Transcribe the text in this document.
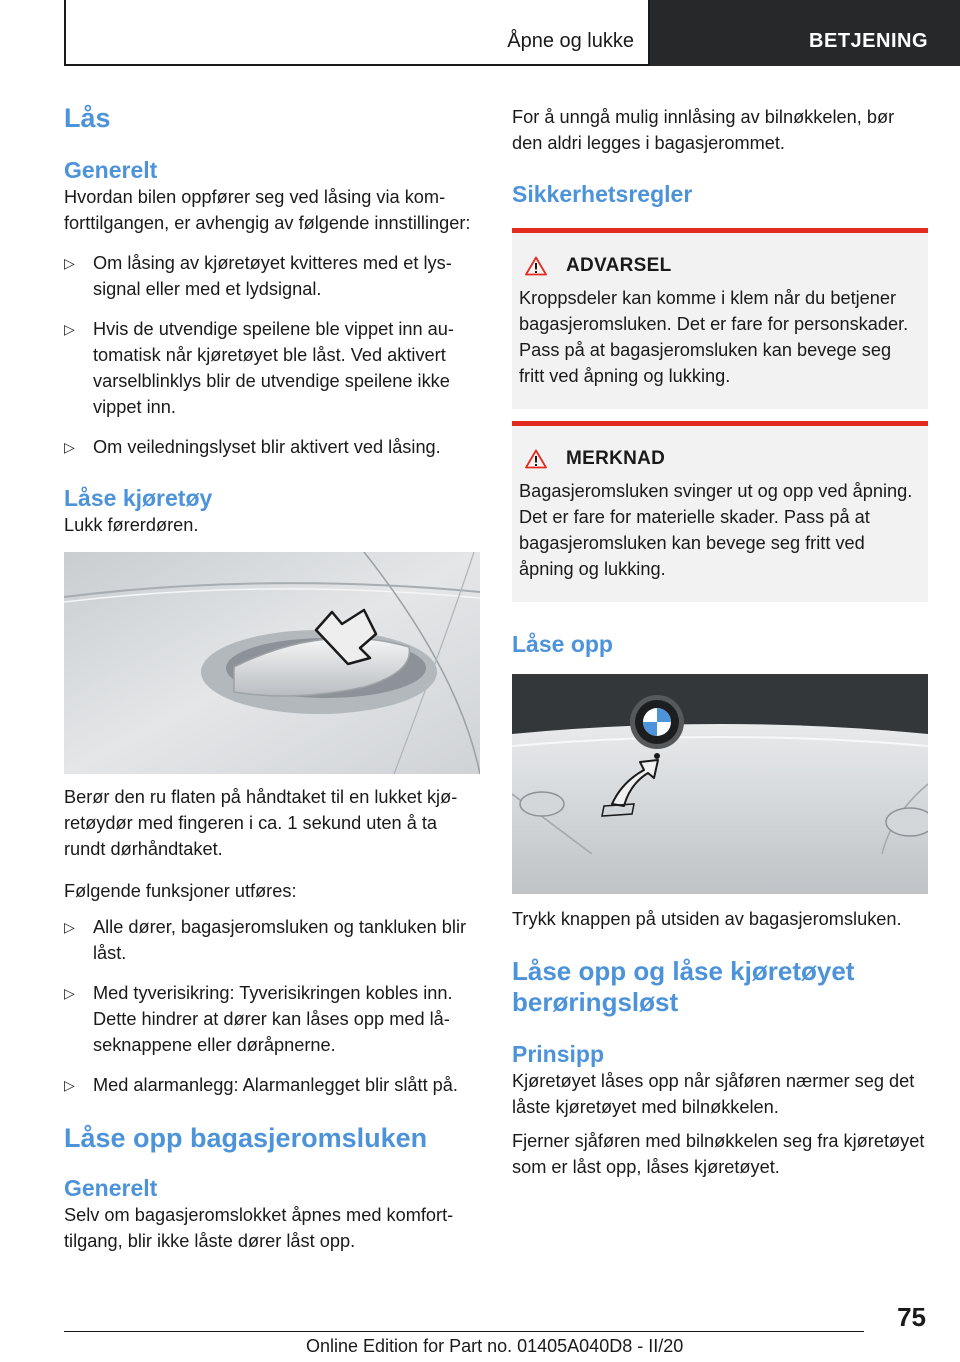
Åpne og lukke	BETJENING
Lås
Generelt

Hvordan bilen oppfører seg ved låsing via komforttilgangen, er avhengig av følgende innstillinger:

▷ Om låsing av kjøretøyet kvitteres med et lyssignal eller med et lydsignal.
▷ Hvis de utvendige speilene ble vippet inn automatisk når kjøretøyet ble låst. Ved aktivert varselblinklys blir de utvendige speilene ikke vippet inn.
▷ Om veiledningslyset blir aktivert ved låsing.
Låse kjøretøy

Lukk førerdøren.

Berør den ru flaten på håndtaket til en lukket kjøretøydør med fingeren i ca. 1 sekund uten å ta rundt dørhåndtaket.

Følgende funksjoner utføres:

▷ Alle dører, bagasjeromsluken og tankluken blir låst.
▷ Med tyverisikring: Tyverisikringen kobles inn. Dette hindrer at dører kan låses opp med låseknappene eller døråpnerne.
▷ Med alarmanlegg: Alarmanlegget blir slått på.
Låse opp bagasjeromsluken
Generelt

Selv om bagasjeromslokket åpnes med komforttilgang, blir ikke låste dører låst opp.

For å unngå mulig innlåsing av bilnøkkelen, bør den aldri legges i bagasjerommet.

Sikkerhetsregler
ADVARSEL

Kroppsdeler kan komme i klem når du betjener bagasjeromsluken. Det er fare for personskader. Pass på at bagasjeromsluken kan bevege seg fritt ved åpning og lukking.

MERKNAD

Bagasjeromsluken svinger ut og opp ved åpning. Det er fare for materielle skader. Pass på at bagasjeromsluken kan bevege seg fritt ved åpning og lukking.

Låse opp

Trykk knappen på utsiden av bagasjeromsluken.

Låse opp og låse kjøretøyet berøringsløst
Prinsipp

Kjøretøyet låses opp når sjåføren nærmer seg det låste kjøretøyet med bilnøkkelen.

Fjerner sjåføren med bilnøkkelen seg fra kjøretøyet som er låst opp, låses kjøretøyet.

75
Online Edition for Part no. 01405A040D8 - II/20
